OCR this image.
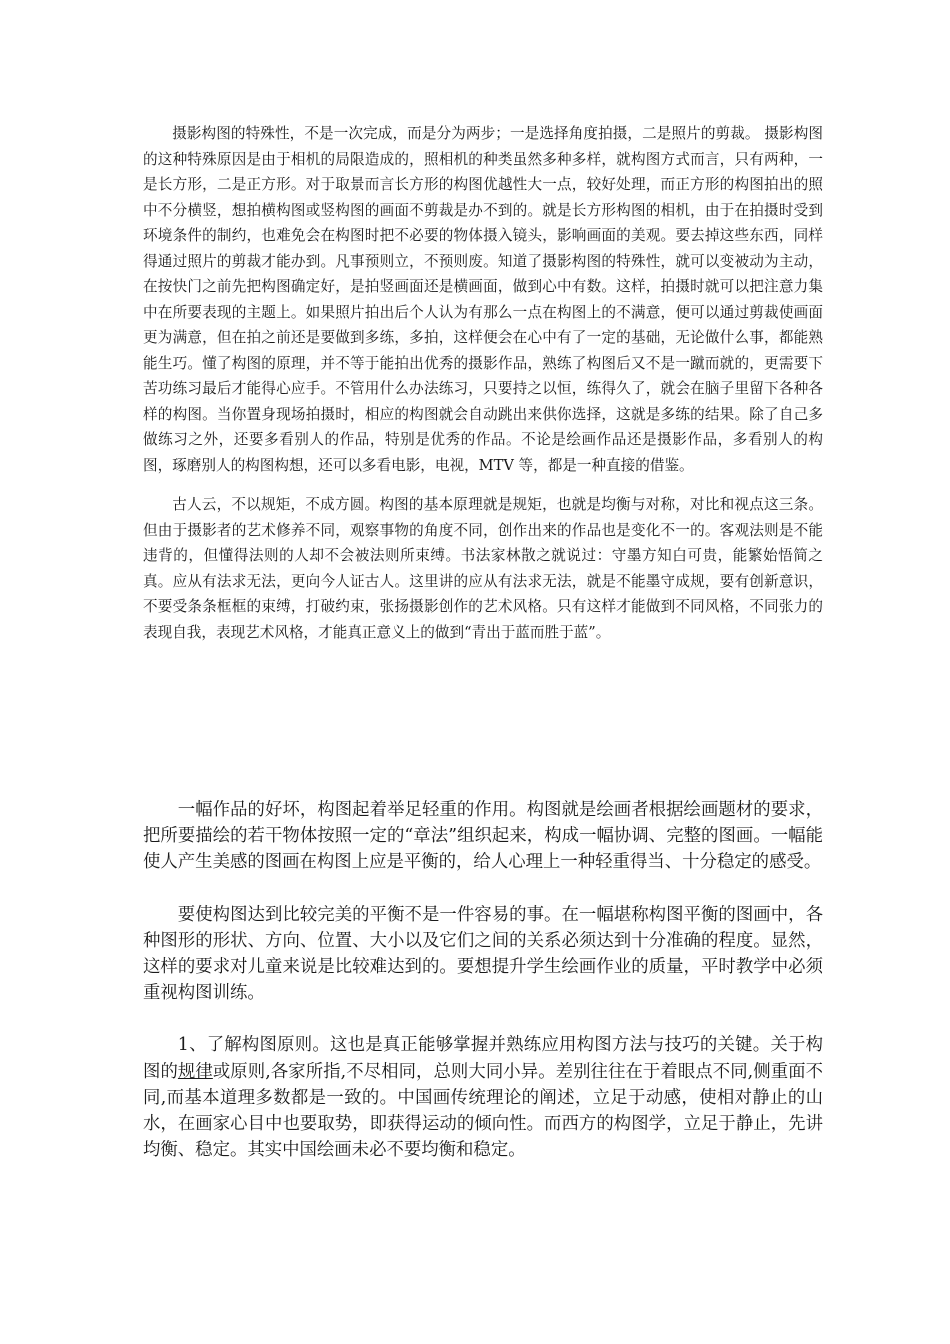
摄影构图的特殊性，不是一次完成，而是分为两步；一是选择角度拍摄，二是照片的剪裁。 摄影构图的这种特殊原因是由于相机的局限造成的，照相机的种类虽然多种多样，就构图方式而言，只有两种，一是长方形，二是正方形。对于取景而言长方形的构图优越性大一点，较好处理，而正方形的构图拍出的照中不分横竖，想拍横构图或竖构图的画面不剪裁是办不到的。就是长方形构图的相机，由于在拍摄时受到环境条件的制约，也难免会在构图时把不必要的物体摄入镜头，影响画面的美观。要去掉这些东西，同样得通过照片的剪裁才能办到。凡事预则立，不预则废。知道了摄影构图的特殊性，就可以变被动为主动，在按快门之前先把构图确定好，是拍竖画面还是横画面，做到心中有数。这样，拍摄时就可以把注意力集中在所要表现的主题上。如果照片拍出后个人认为有那么一点在构图上的不满意，便可以通过剪裁使画面更为满意，但在拍之前还是要做到多练，多拍，这样便会在心中有了一定的基础，无论做什么事，都能熟能生巧。懂了构图的原理，并不等于能拍出优秀的摄影作品，熟练了构图后又不是一蹴而就的，更需要下苦功练习最后才能得心应手。不管用什么办法练习，只要持之以恒，练得久了，就会在脑子里留下各种各样的构图。当你置身现场拍摄时，相应的构图就会自动跳出来供你选择，这就是多练的结果。除了自己多做练习之外，还要多看别人的作品，特别是优秀的作品。不论是绘画作品还是摄影作品，多看别人的构图，琢磨别人的构图构想，还可以多看电影，电视，MTV 等，都是一种直接的借鉴。

古人云，不以规矩，不成方圆。构图的基本原理就是规矩，也就是均衡与对称，对比和视点这三条。但由于摄影者的艺术修养不同，观察事物的角度不同，创作出来的作品也是变化不一的。客观法则是不能违背的，但懂得法则的人却不会被法则所束缚。书法家林散之就说过：守墨方知白可贵，能繁始悟简之真。应从有法求无法，更向今人证古人。这里讲的应从有法求无法，就是不能墨守成规，要有创新意识，不要受条条框框的束缚，打破约束，张扬摄影创作的艺术风格。只有这样才能做到不同风格，不同张力的表现自我，表现艺术风格，才能真正意义上的做到“青出于蓝而胜于蓝”。

一幅作品的好坏，构图起着举足轻重的作用。构图就是绘画者根据绘画题材的要求，把所要描绘的若干物体按照一定的“章法”组织起来，构成一幅协调、完整的图画。一幅能使人产生美感的图画在构图上应是平衡的，给人心理上一种轻重得当、十分稳定的感受。

要使构图达到比较完美的平衡不是一件容易的事。在一幅堪称构图平衡的图画中，各种图形的形状、方向、位置、大小以及它们之间的关系必须达到十分准确的程度。显然，这样的要求对儿童来说是比较难达到的。要想提升学生绘画作业的质量，平时教学中必须重视构图训练。

1、了解构图原则。这也是真正能够掌握并熟练应用构图方法与技巧的关键。关于构图的规律或原则,各家所指,不尽相同，总则大同小异。差别往往在于着眼点不同,侧重面不同,而基本道理多数都是一致的。中国画传统理论的阐述，立足于动感，使相对静止的山水，在画家心目中也要取势，即获得运动的倾向性。而西方的构图学，立足于静止，先讲均衡、稳定。其实中国绘画未必不要均衡和稳定。
